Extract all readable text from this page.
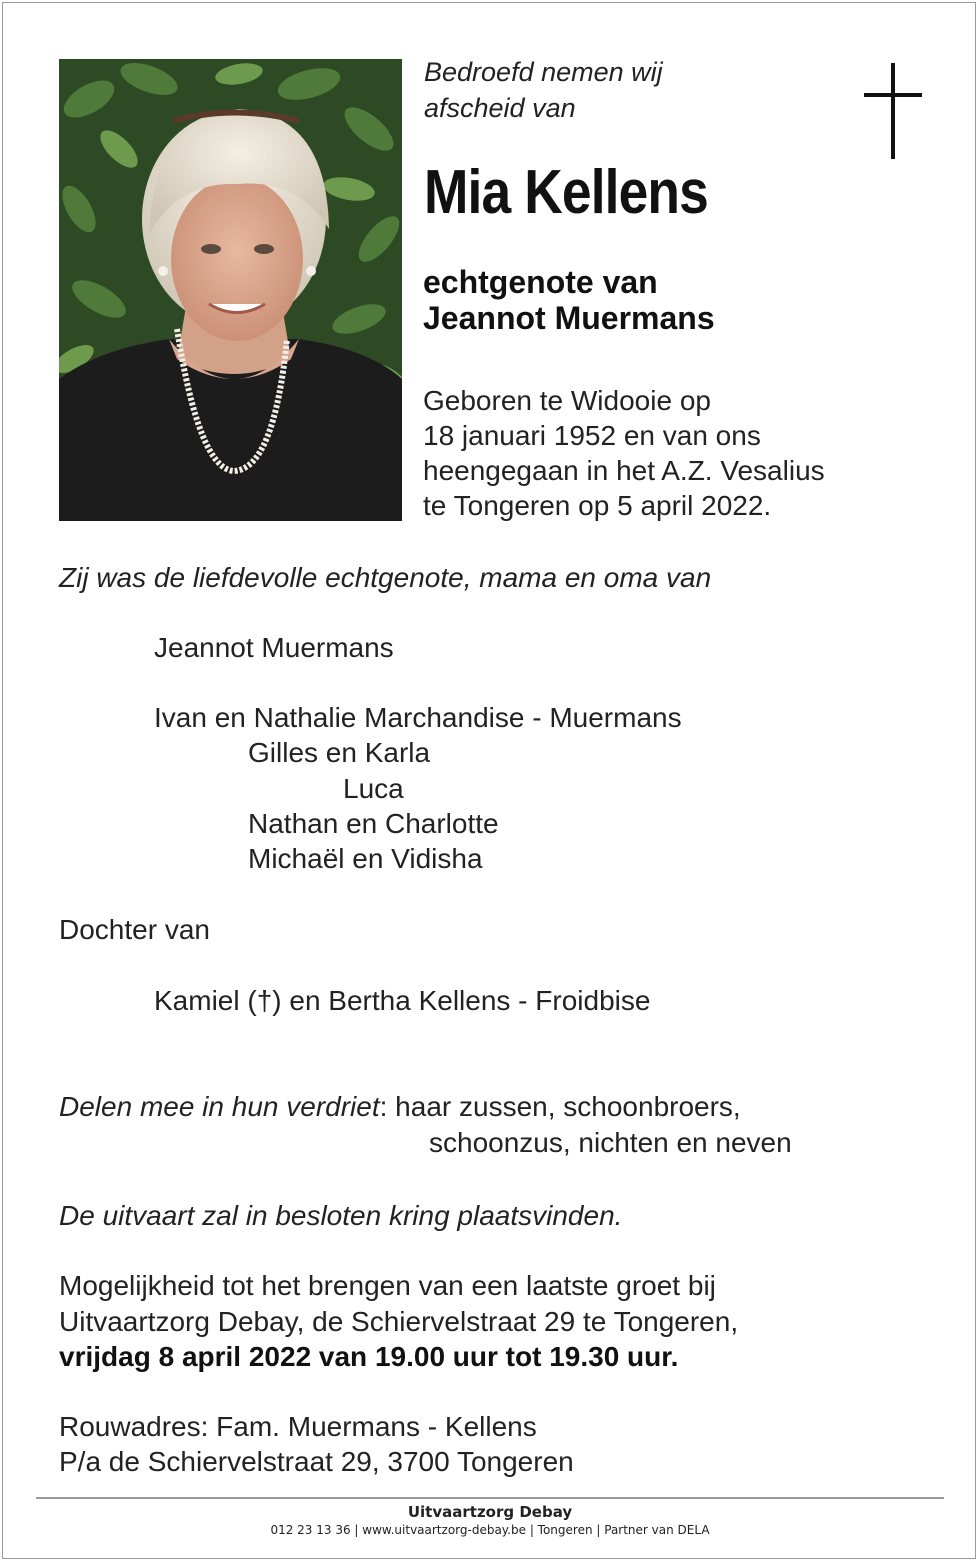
Bedroefd nemen wij
afscheid van
Mia Kellens
echtgenote van
Jeannot Muermans
Geboren te Widooie op
18 januari 1952 en van ons
heengegaan in het A.Z. Vesalius
te Tongeren op 5 april 2022.
Zij was de liefdevolle echtgenote, mama en oma van
Jeannot Muermans
Ivan en Nathalie Marchandise - Muermans
Gilles en Karla
Luca
Nathan en Charlotte
Michaël en Vidisha
Dochter van
Kamiel (†) en Bertha Kellens - Froidbise
Delen mee in hun verdriet: haar zussen, schoonbroers,
schoonzus, nichten en neven
De uitvaart zal in besloten kring plaatsvinden.
Mogelijkheid tot het brengen van een laatste groet bij
Uitvaartzorg Debay, de Schiervelstraat 29 te Tongeren,
vrijdag 8 april 2022 van 19.00 uur tot 19.30 uur.
Rouwadres: Fam. Muermans - Kellens
P/a de Schiervelstraat 29, 3700 Tongeren
Uitvaartzorg Debay
012 23 13 36 | www.uitvaartzorg-debay.be | Tongeren | Partner van DELA
